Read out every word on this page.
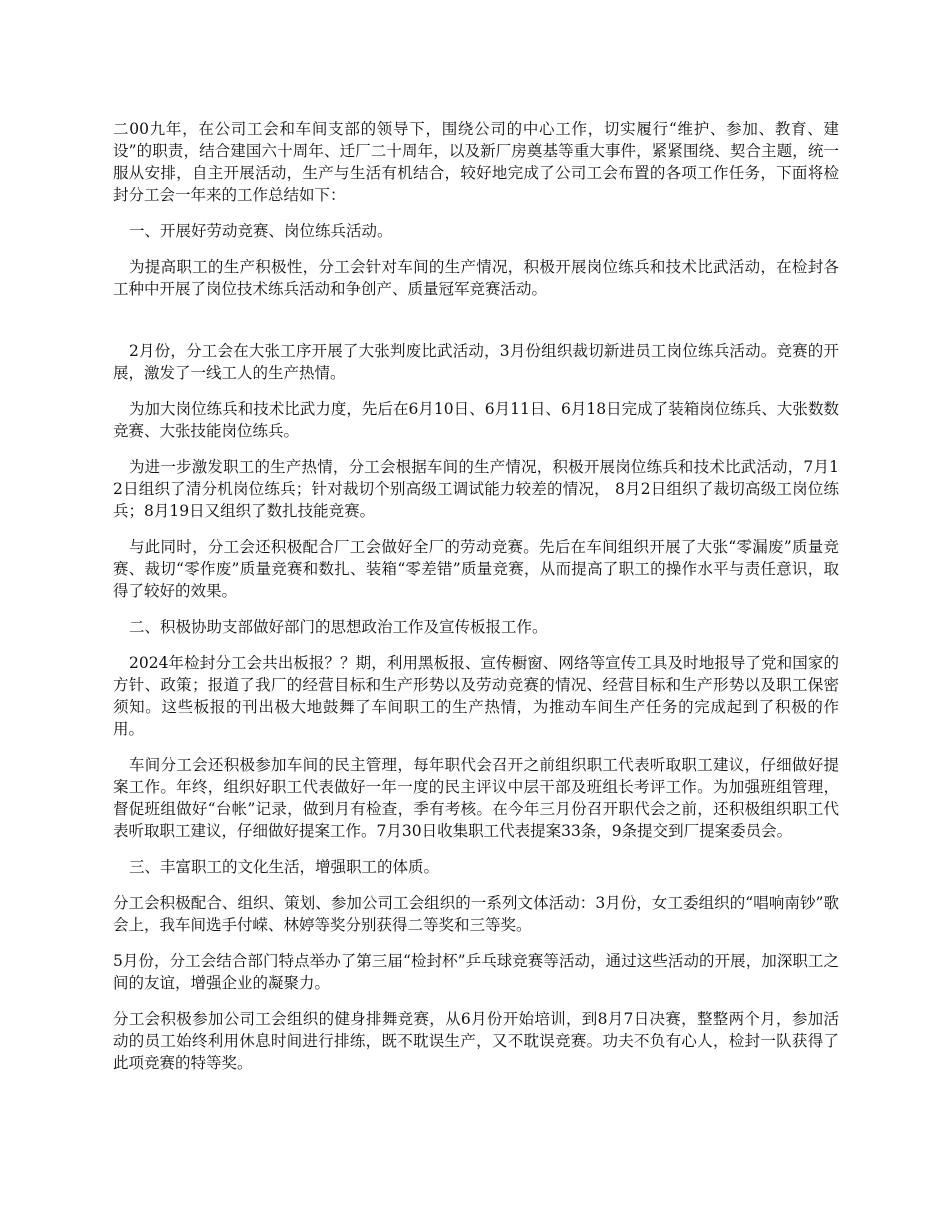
二00九年，在公司工会和车间支部的领导下，围绕公司的中心工作，切实履行“维护、参加、教育、建设”的职责，结合建国六十周年、迁厂二十周年，以及新厂房奠基等重大事件，紧紧围绕、契合主题，统一服从安排，自主开展活动，生产与生活有机结合，较好地完成了公司工会布置的各项工作任务，下面将检封分工会一年来的工作总结如下：

一、开展好劳动竞赛、岗位练兵活动。

为提高职工的生产积极性，分工会针对车间的生产情况，积极开展岗位练兵和技术比武活动，在检封各工种中开展了岗位技术练兵活动和争创产、质量冠军竞赛活动。

2月份，分工会在大张工序开展了大张判废比武活动，3月份组织裁切新进员工岗位练兵活动。竞赛的开展，激发了一线工人的生产热情。

为加大岗位练兵和技术比武力度，先后在6月10日、6月11日、6月18日完成了装箱岗位练兵、大张数数竞赛、大张技能岗位练兵。

为进一步激发职工的生产热情，分工会根据车间的生产情况，积极开展岗位练兵和技术比武活动，7月12日组织了清分机岗位练兵；针对裁切个别高级工调试能力较差的情况， 8月2日组织了裁切高级工岗位练兵；8月19日又组织了数扎技能竞赛。

与此同时，分工会还积极配合厂工会做好全厂的劳动竞赛。先后在车间组织开展了大张“零漏废”质量竞赛、裁切“零作废”质量竞赛和数扎、装箱“零差错”质量竞赛，从而提高了职工的操作水平与责任意识，取得了较好的效果。

二、积极协助支部做好部门的思想政治工作及宣传板报工作。

2024年检封分工会共出板报？？期，利用黑板报、宣传橱窗、网络等宣传工具及时地报导了党和国家的方针、政策；报道了我厂的经营目标和生产形势以及劳动竞赛的情况、经营目标和生产形势以及职工保密须知。这些板报的刊出极大地鼓舞了车间职工的生产热情，为推动车间生产任务的完成起到了积极的作用。

车间分工会还积极参加车间的民主管理，每年职代会召开之前组织职工代表听取职工建议，仔细做好提案工作。年终，组织好职工代表做好一年一度的民主评议中层干部及班组长考评工作。为加强班组管理，督促班组做好“台帐”记录，做到月有检查，季有考核。在今年三月份召开职代会之前，还积极组织职工代表听取职工建议，仔细做好提案工作。7月30日收集职工代表提案33条，9条提交到厂提案委员会。

三、丰富职工的文化生活，增强职工的体质。

分工会积极配合、组织、策划、参加公司工会组织的一系列文体活动：3月份，女工委组织的“唱响南钞”歌会上，我车间选手付嵘、林婷等奖分别获得二等奖和三等奖。

5月份，分工会结合部门特点举办了第三届“检封杯”乒乓球竞赛等活动，通过这些活动的开展，加深职工之间的友谊，增强企业的凝聚力。

分工会积极参加公司工会组织的健身排舞竞赛，从6月份开始培训，到8月7日决赛，整整两个月，参加活动的员工始终利用休息时间进行排练，既不耽误生产，又不耽误竞赛。功夫不负有心人，检封一队获得了此项竞赛的特等奖。
